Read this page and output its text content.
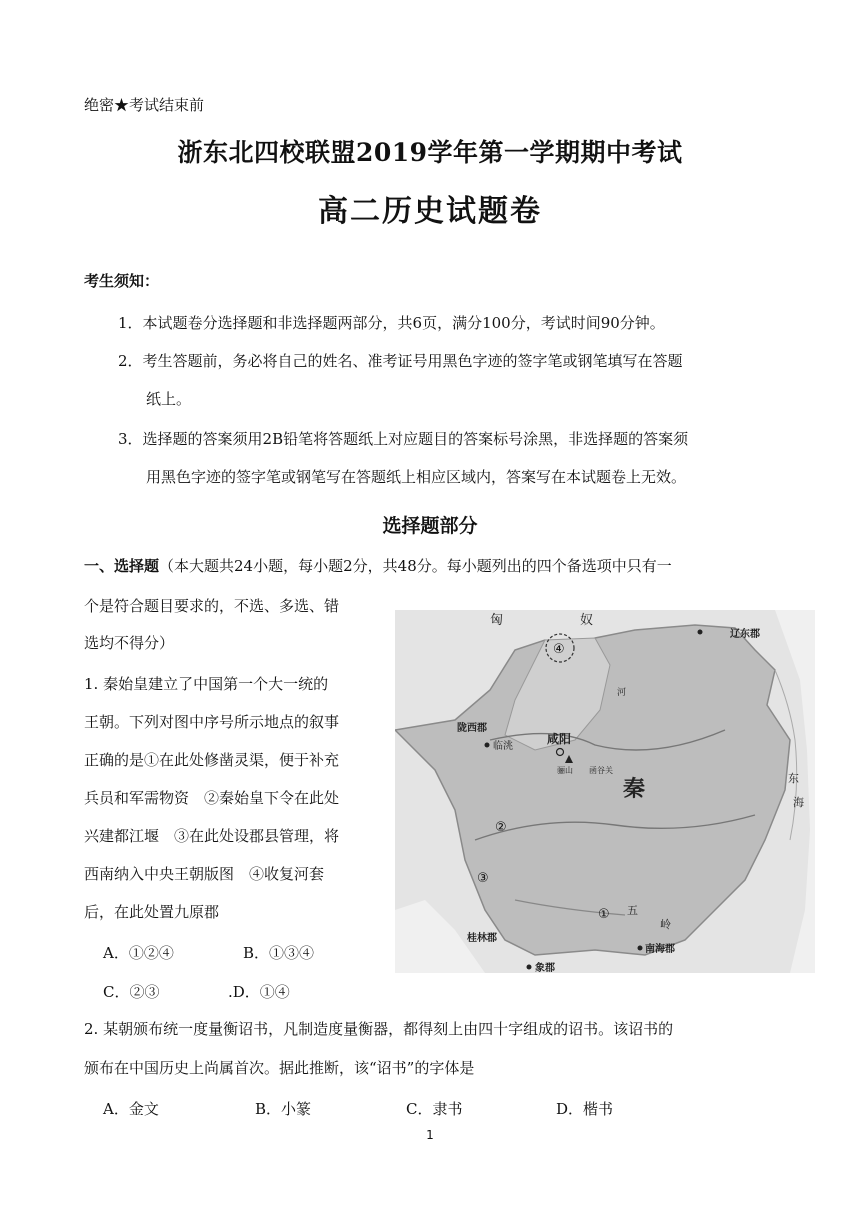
绝密★考试结束前
浙东北四校联盟2019学年第一学期期中考试
高二历史试题卷
考生须知：
1．本试题卷分选择题和非选择题两部分，共6页，满分100分，考试时间90分钟。
2．考生答题前，务必将自己的姓名、准考证号用黑色字迹的签字笔或钢笔填写在答题
纸上。
3．选择题的答案须用2B铅笔将答题纸上对应题目的答案标号涂黑，非选择题的答案须
用黑色字迹的签字笔或钢笔写在答题纸上相应区域内，答案写在本试题卷上无效。
选择题部分
一、选择题（本大题共24小题，每小题2分，共48分。每小题列出的四个备选项中只有一
个是符合题目要求的，不选、多选、错
选均不得分）
1. 秦始皇建立了中国第一个大一统的
王朝。下列对图中序号所示地点的叙事
正确的是①在此处修凿灵渠，便于补充
兵员和军需物资　②秦始皇下令在此处
兴建都江堰　③在此处设郡县管理，将
西南纳入中央王朝版图　④收复河套
后，在此处置九原郡
A．①②④	B．①③④
C．②③	.D．①④
匈	奴
辽东郡
陇西郡
咸阳
临洮
骊山 函谷关
秦
桂林郡
南海郡
象郡
五
岭
东
海
河
②
③
①
④
2. 某朝颁布统一度量衡诏书，凡制造度量衡器，都得刻上由四十字组成的诏书。该诏书的
颁布在中国历史上尚属首次。据此推断，该“诏书”的字体是
A．金文	B．小篆	C．隶书	D．楷书
1
